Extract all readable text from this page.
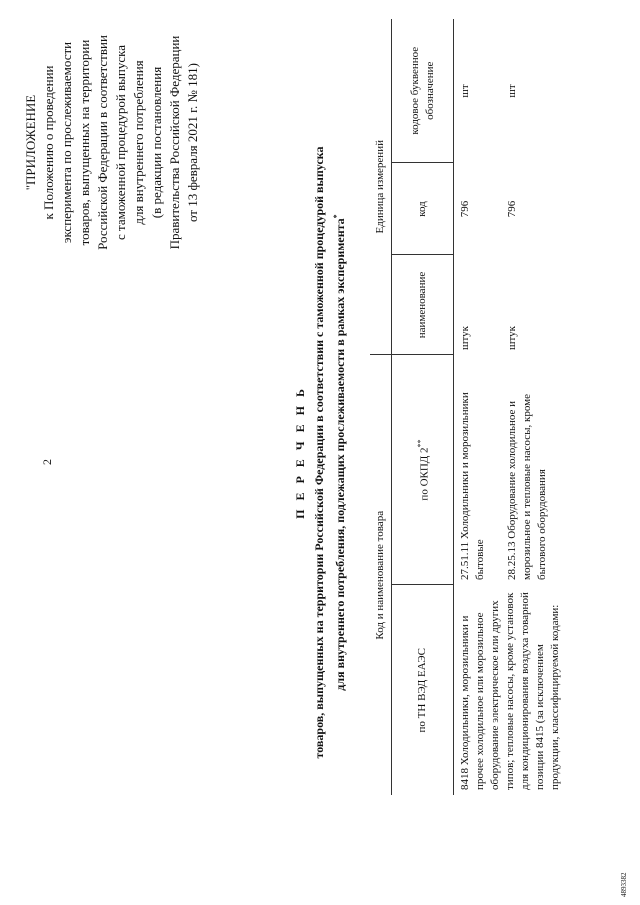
2
"ПРИЛОЖЕНИЕ к Положению о проведении эксперимента по прослеживаемости товаров, выпущенных на территории Российской Федерации в соответствии с таможенной процедурой выпуска для внутреннего потребления (в редакции постановления Правительства Российской Федерации от 13 февраля 2021 г. № 181)
П Е Р Е Ч Е Н Ь товаров, выпущенных на территории Российской Федерации в соответствии с таможенной процедурой выпуска для внутреннего потребления, подлежащих прослеживаемости в рамках эксперимента*
Код и наименование товара		Единица измерений		
по ТН ВЭД ЕАЭС	по ОКПД 2**	наименование	код	кодовое буквенное обозначение
8418 Холодильники, морозильники и прочее холодильное или морозильное оборудование электрическое или других типов; тепловые насосы, кроме установок для кондиционирования воздуха товарной позиции 8415 (за исключением продукции, классифицируемой кодами:	27.51.11 Холодильники и морозильники бытовые	штук	796	шт
	28.25.13 Оборудование холодильное и морозильное и тепловые насосы, кроме бытового оборудования	штук	796	шт
4893382
